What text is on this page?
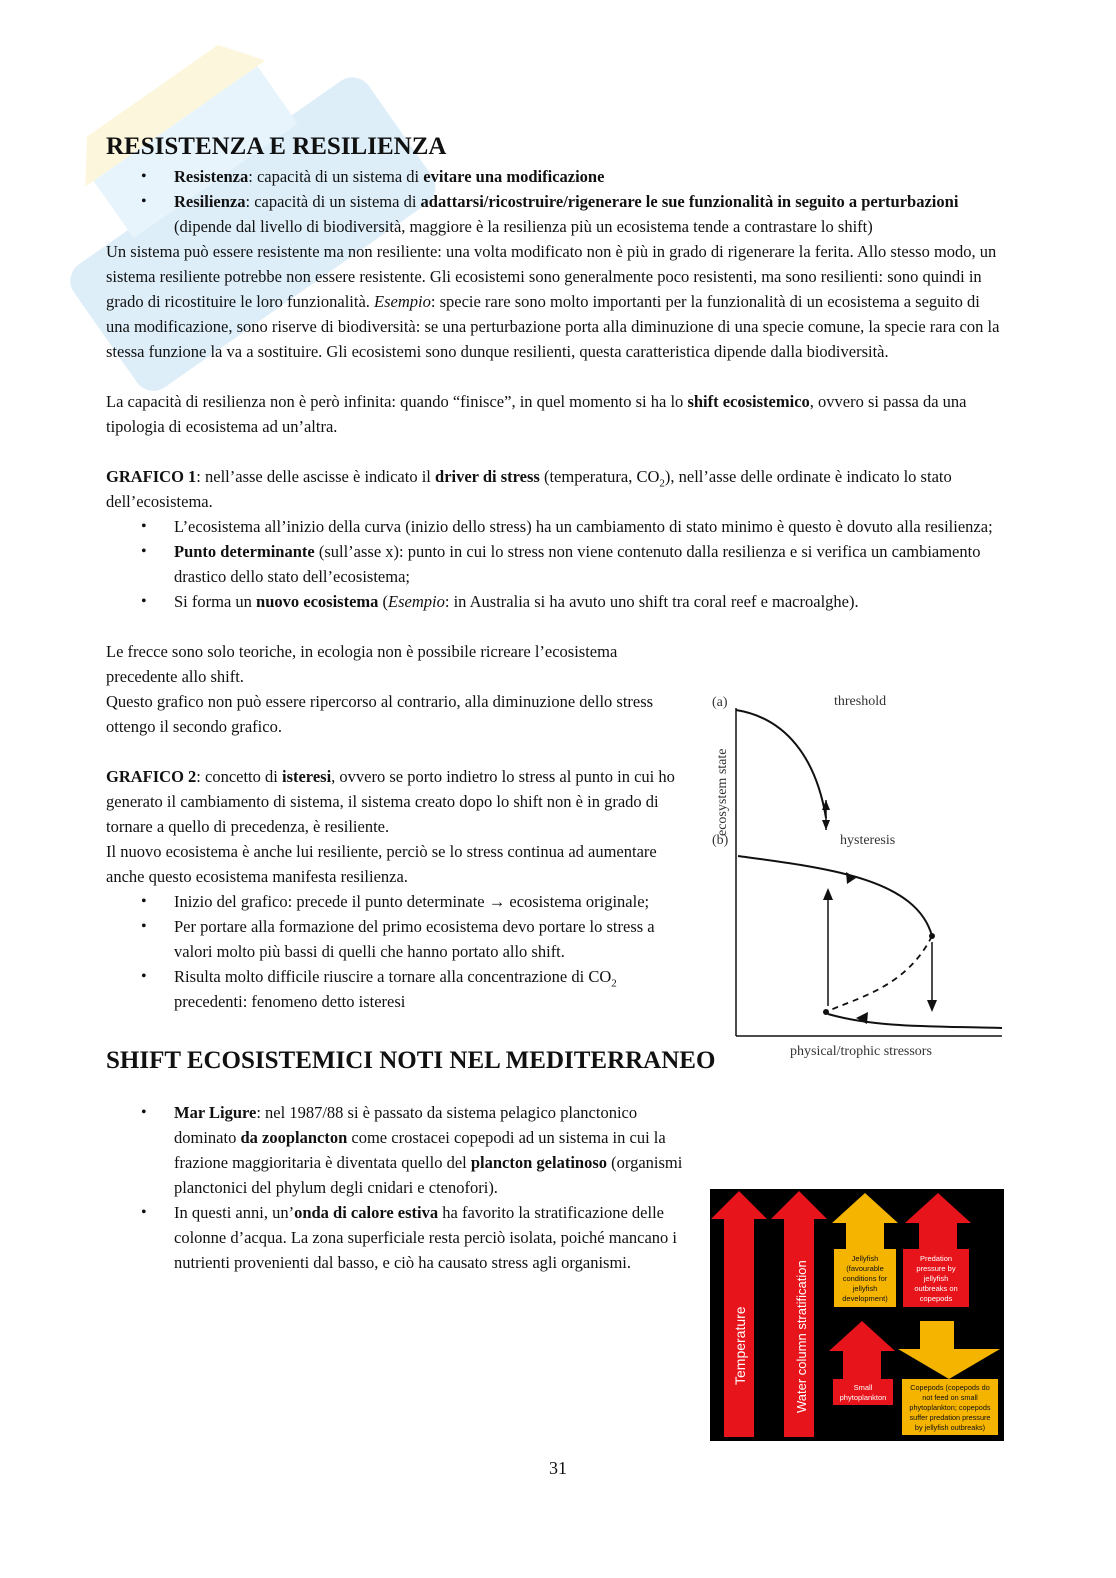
RESISTENZA E RESILIENZA
• Resistenza: capacità di un sistema di evitare una modificazione
• Resilienza: capacità di un sistema di adattarsi/ricostruire/rigenerare le sue funzionalità in seguito a perturbazioni (dipende dal livello di biodiversità, maggiore è la resilienza più un ecosistema tende a contrastare lo shift)

Un sistema può essere resistente ma non resiliente: una volta modificato non è più in grado di rigenerare la ferita. Allo stesso modo, un sistema resiliente potrebbe non essere resistente. Gli ecosistemi sono generalmente poco resistenti, ma sono resilienti: sono quindi in grado di ricostituire le loro funzionalità. Esempio: specie rare sono molto importanti per la funzionalità di un ecosistema a seguito di una modificazione, sono riserve di biodiversità: se una perturbazione porta alla diminuzione di una specie comune, la specie rara con la stessa funzione la va a sostituire. Gli ecosistemi sono dunque resilienti, questa caratteristica dipende dalla biodiversità.

La capacità di resilienza non è però infinita: quando “finisce”, in quel momento si ha lo shift ecosistemico, ovvero si passa da una tipologia di ecosistema ad un’altra.

GRAFICO 1: nell’asse delle ascisse è indicato il driver di stress (temperatura, $CO_2$), nell’asse delle ordinate è indicato lo stato dell’ecosistema.

• L’ecosistema all’inizio della curva (inizio dello stress) ha un cambiamento di stato minimo è questo è dovuto alla resilienza;
• Punto determinante (sull’asse x): punto in cui lo stress non viene contenuto dalla resilienza e si verifica un cambiamento drastico dello stato dell’ecosistema;
• Si forma un nuovo ecosistema (Esempio: in Australia si ha avuto uno shift tra coral reef e macroalghe).

Le frecce sono solo teoriche, in ecologia non è possibile ricreare l’ecosistema precedente allo shift.

Questo grafico non può essere ripercorso al contrario, alla diminuzione dello stress ottengo il secondo grafico.

GRAFICO 2: concetto di isteresi, ovvero se porto indietro lo stress al punto in cui ho generato il cambiamento di sistema, il sistema creato dopo lo shift non è in grado di tornare a quello di precedenza, è resiliente.

Il nuovo ecosistema è anche lui resiliente, perciò se lo stress continua ad aumentare anche questo ecosistema manifesta resilienza.

• Inizio del grafico: precede il punto determinate → ecosistema originale;
• Per portare alla formazione del primo ecosistema devo portare lo stress a valori molto più bassi di quelli che hanno portato allo shift.
• Risulta molto difficile riuscire a tornare alla concentrazione di $CO_2$ precedenti: fenomeno detto isteresi
SHIFT ECOSISTEMICI NOTI NEL MEDITERRANEO
• Mar Ligure: nel 1987/88 si è passato da sistema pelagico planctonico dominato da zooplancton come crostacei copepodi ad un sistema in cui la frazione maggioritaria è diventata quello del plancton gelatinoso (organismi planctonici del phylum degli cnidari e ctenofori).
• In questi anni, un’onda di calore estiva ha favorito la stratificazione delle colonne d’acqua. La zona superficiale resta perciò isolata, poiché mancano i nutrienti provenienti dal basso, e ciò ha causato stress agli organismi.
(a)	threshold
ecosystem state
(b)	hysteresis
physical/trophic stressors
Temperature	Water column stratification
Jellyfish
(favourable
conditions for
jellyfish
development)
Predation
pressure by
jellyfish
outbreaks on
copepods
Small
phytoplankton
Copepods (copepods do
not feed on small
phytoplankton; copepods
suffer predation pressure
by jellyfish outbreaks)
31
